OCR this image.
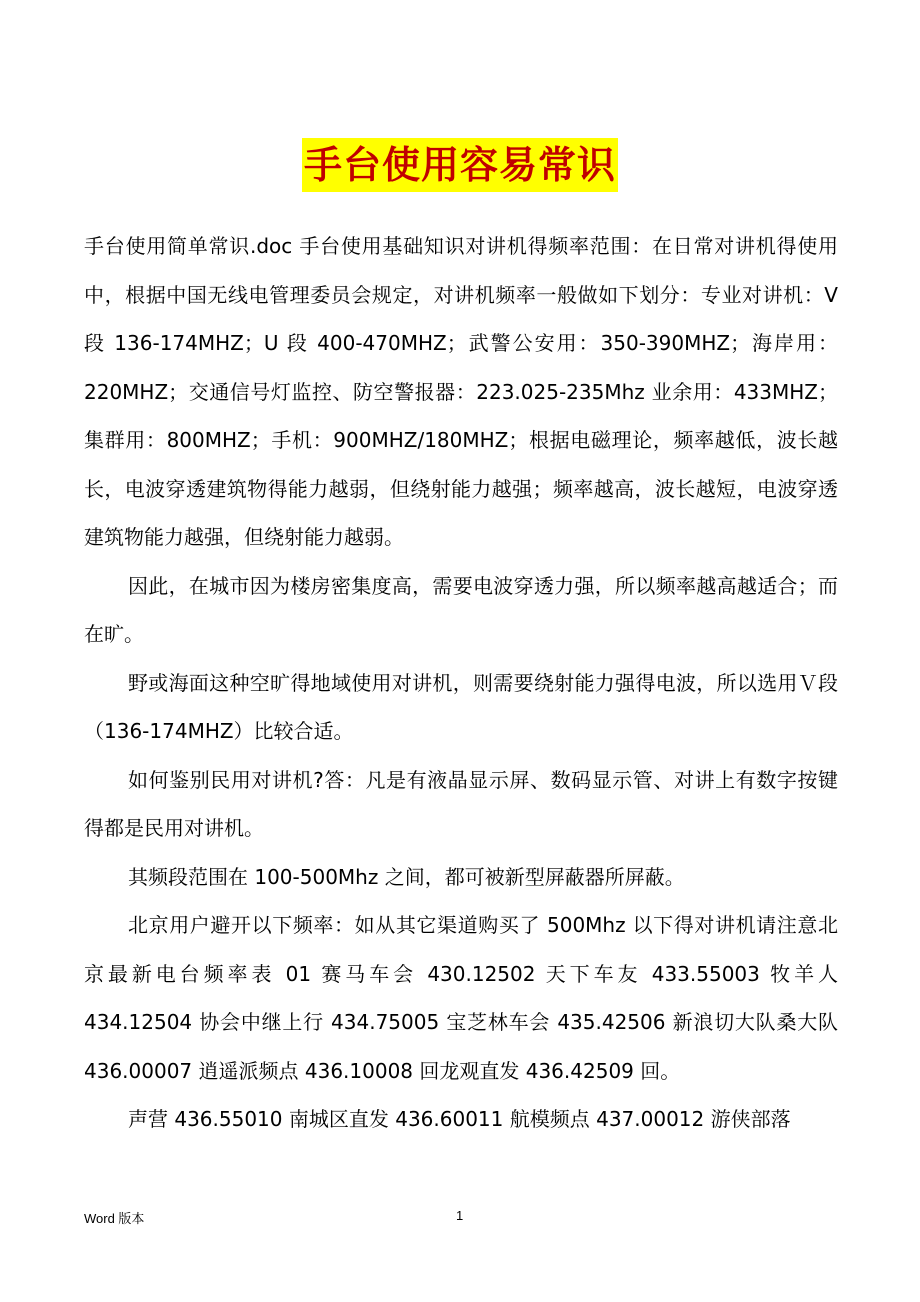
手台使用容易常识

手台使用简单常识.doc 手台使用基础知识对讲机得频率范围：在日常对讲机得使用中，根据中国无线电管理委员会规定，对讲机频率一般做如下划分：专业对讲机：V 段 136-174MHZ；U 段 400-470MHZ；武警公安用：350-390MHZ；海岸用：220MHZ；交通信号灯监控、防空警报器：223.025-235Mhz 业余用：433MHZ；集群用：800MHZ；手机：900MHZ/180MHZ；根据电磁理论，频率越低，波长越长，电波穿透建筑物得能力越弱，但绕射能力越强；频率越高，波长越短，电波穿透建筑物能力越强，但绕射能力越弱。

因此，在城市因为楼房密集度高，需要电波穿透力强，所以频率越高越适合；而在旷。

野或海面这种空旷得地域使用对讲机，则需要绕射能力强得电波，所以选用Ｖ段（136-174MHZ）比较合适。

如何鉴别民用对讲机?答：凡是有液晶显示屏、数码显示管、对讲上有数字按键得都是民用对讲机。

其频段范围在 100-500Mhz 之间，都可被新型屏蔽器所屏蔽。

北京用户避开以下频率：如从其它渠道购买了 500Mhz 以下得对讲机请注意北京最新电台频率表 01 赛马车会 430.12502 天下车友 433.55003 牧羊人 434.12504 协会中继上行 434.75005 宝芝林车会 435.42506 新浪切大队桑大队 436.00007 逍遥派频点 436.10008 回龙观直发 436.42509 回。

声营 436.55010 南城区直发 436.60011 航模频点 437.00012 游侠部落

Word 版本	1
